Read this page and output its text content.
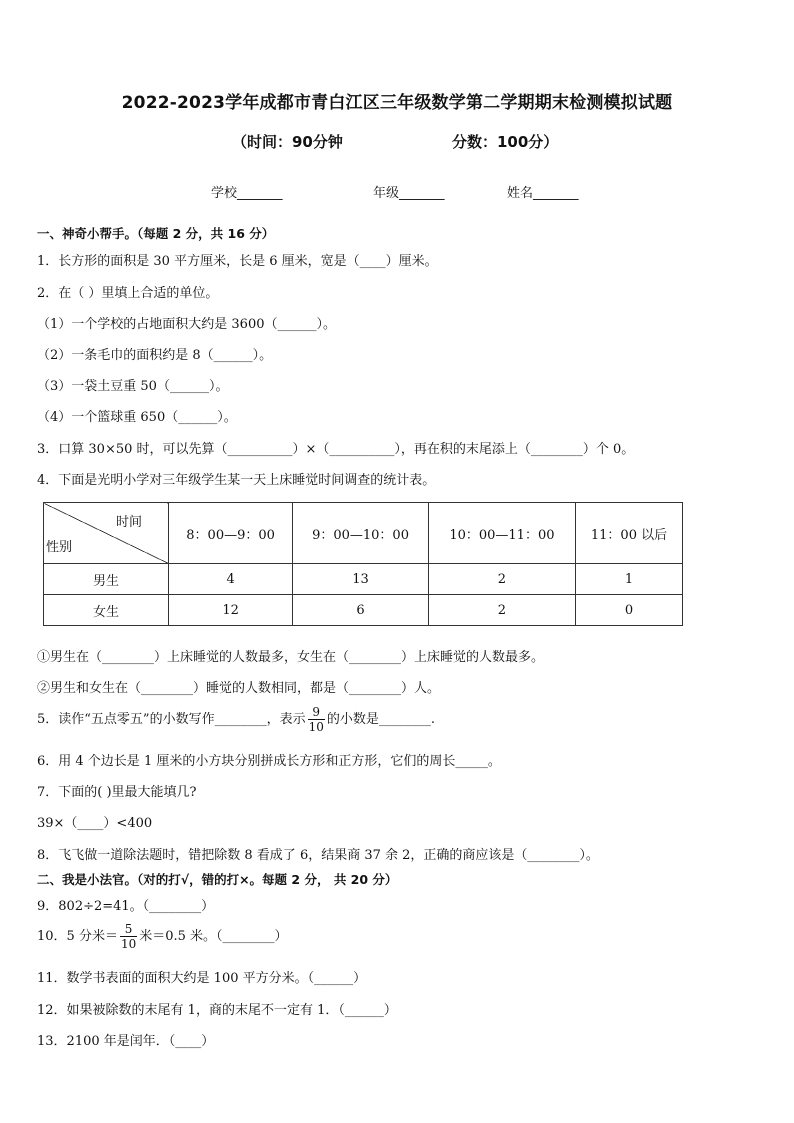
2022-2023学年成都市青白江区三年级数学第二学期期末检测模拟试题
（时间：90分钟	分数：100分）
学校_______	年级_______	姓名_______
一、神奇小帮手。（每题 2 分，共 16 分）
1．长方形的面积是 30 平方厘米，长是 6 厘米，宽是（____）厘米。
2．在（ ）里填上合适的单位。
（1）一个学校的占地面积大约是 3600（______）。
（2）一条毛巾的面积约是 8（______）。
（3）一袋土豆重 50（______）。
（4）一个篮球重 650（______）。
3．口算 30×50 时，可以先算（__________）×（__________），再在积的末尾添上（________）个 0。
4．下面是光明小学对三年级学生某一天上床睡觉时间调查的统计表。
时间
性别	8：00—9：00	9：00—10：00	10：00—11：00	11：00 以后
男生	4	13	2	1
女生	12	6	2	0
①男生在（________）上床睡觉的人数最多，女生在（________）上床睡觉的人数最多。
②男生和女生在（________）睡觉的人数相同，都是（________）人。
5．读作“五点零五”的小数写作________，表示 $\frac{9}{10}$ 的小数是________.
6．用 4 个边长是 1 厘米的小方块分别拼成长方形和正方形，它们的周长_____。
7．下面的( )里最大能填几?
39×（____）<400
8．飞飞做一道除法题时，错把除数 8 看成了 6，结果商 37 余 2，正确的商应该是（________）。
二、我是小法官。（对的打√，错的打×。每题 2 分， 共 20 分）
9．802÷2=41。（________）
10．5 分米＝ $\frac{5}{10}$ 米＝0.5 米。（________）
11．数学书表面的面积大约是 100 平方分米。（______）
12．如果被除数的末尾有 1，商的末尾不一定有 1．（______）
13．2100 年是闰年．（____）
